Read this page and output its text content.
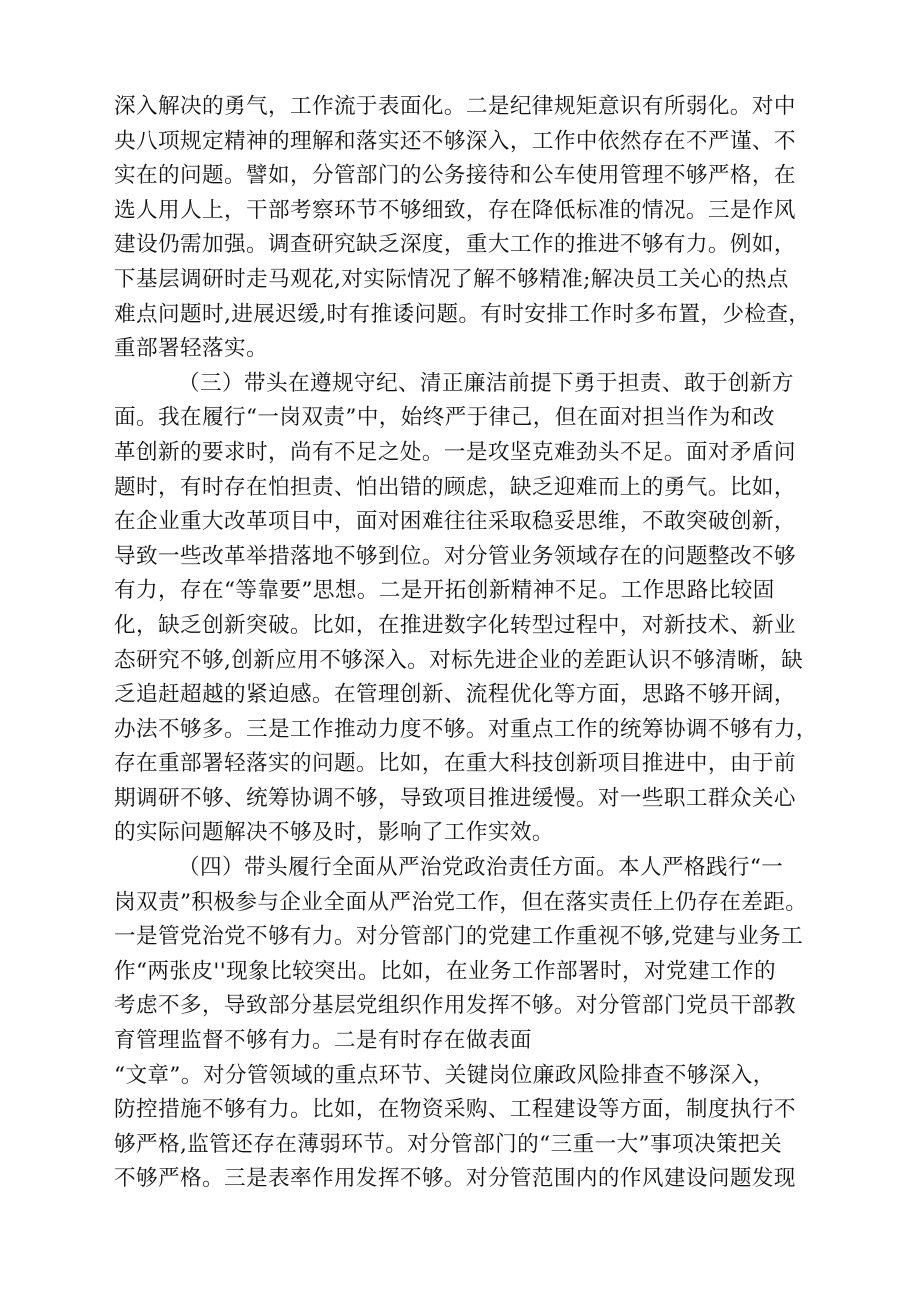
深入解决的勇气，工作流于表面化。二是纪律规矩意识有所弱化。对中
央八项规定精神的理解和落实还不够深入，工作中依然存在不严谨、不
实在的问题。譬如，分管部门的公务接待和公车使用管理不够严格，在
选人用人上，干部考察环节不够细致，存在降低标准的情况。三是作风
建设仍需加强。调查研究缺乏深度，重大工作的推进不够有力。例如，
下基层调研时走马观花,对实际情况了解不够精准;解决员工关心的热点
难点问题时,进展迟缓,时有推诿问题。有时安排工作时多布置，少检查，
重部署轻落实。
（三）带头在遵规守纪、清正廉洁前提下勇于担责、敢于创新方
面。我在履行“一岗双责”中，始终严于律己，但在面对担当作为和改
革创新的要求时，尚有不足之处。一是攻坚克难劲头不足。面对矛盾问
题时，有时存在怕担责、怕出错的顾虑，缺乏迎难而上的勇气。比如，
在企业重大改革项目中，面对困难往往采取稳妥思维，不敢突破创新，
导致一些改革举措落地不够到位。对分管业务领域存在的问题整改不够
有力，存在“等靠要”思想。二是开拓创新精神不足。工作思路比较固
化，缺乏创新突破。比如，在推进数字化转型过程中，对新技术、新业
态研究不够,创新应用不够深入。对标先进企业的差距认识不够清晰，缺
乏追赶超越的紧迫感。在管理创新、流程优化等方面，思路不够开阔，
办法不够多。三是工作推动力度不够。对重点工作的统筹协调不够有力，
存在重部署轻落实的问题。比如，在重大科技创新项目推进中，由于前
期调研不够、统筹协调不够，导致项目推进缓慢。对一些职工群众关心
的实际问题解决不够及时，影响了工作实效。
（四）带头履行全面从严治党政治责任方面。本人严格践行“一
岗双责”积极参与企业全面从严治党工作，但在落实责任上仍存在差距。
一是管党治党不够有力。对分管部门的党建工作重视不够,党建与业务工
作“两张皮''现象比较突出。比如，在业务工作部署时，对党建工作的
考虑不多，导致部分基层党组织作用发挥不够。对分管部门党员干部教
育管理监督不够有力。二是有时存在做表面
“文章”。对分管领域的重点环节、关键岗位廉政风险排查不够深入，
防控措施不够有力。比如，在物资采购、工程建设等方面，制度执行不
够严格,监管还存在薄弱环节。对分管部门的“三重一大”事项决策把关
不够严格。三是表率作用发挥不够。对分管范围内的作风建设问题发现
